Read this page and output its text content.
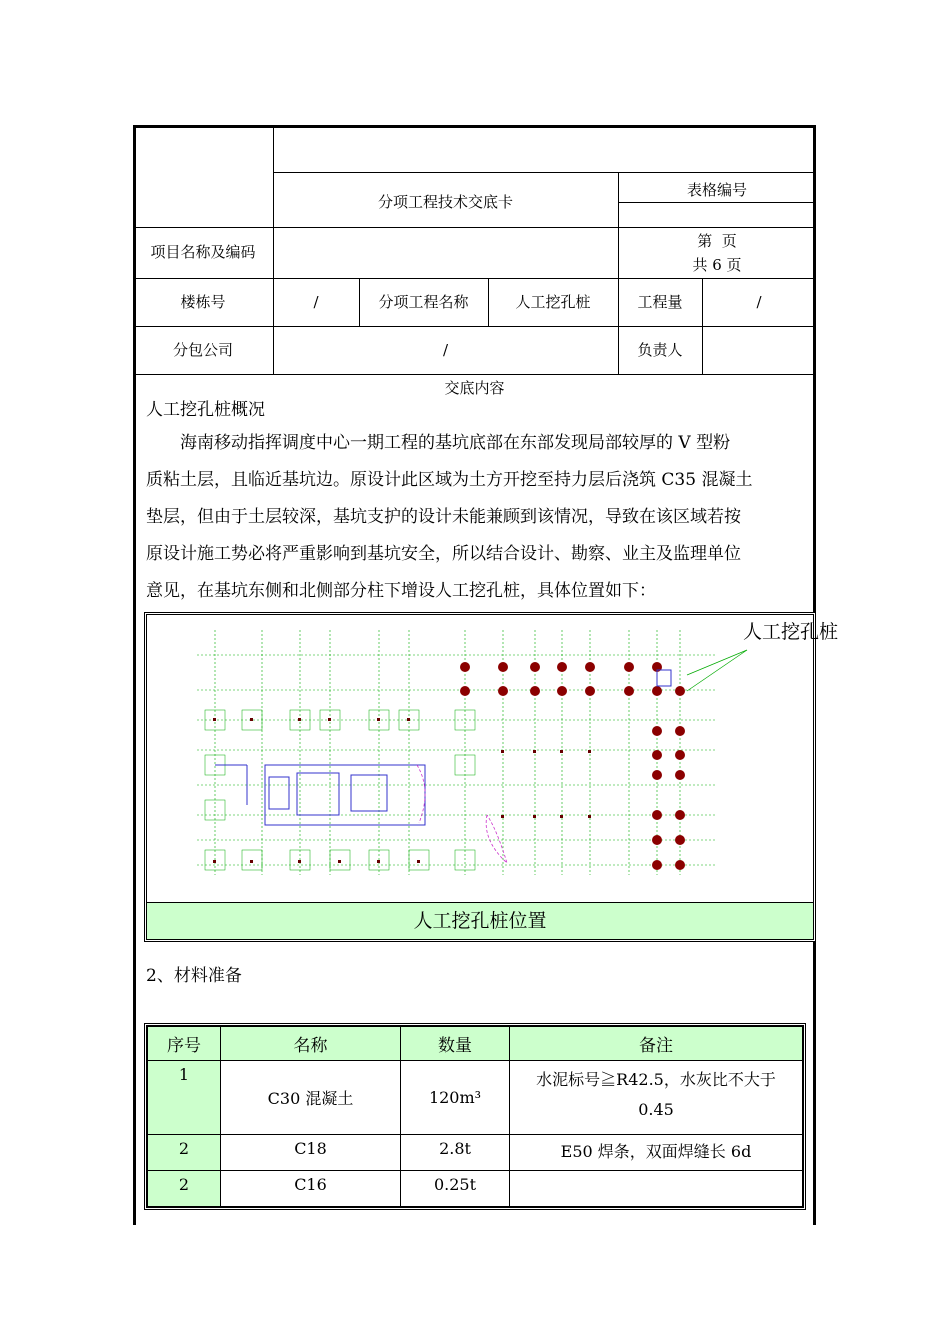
分项工程技术交底卡
表格编号
项目名称及编码
第  页
共 6 页
楼栋号	/	分项工程名称	人工挖孔桩	工程量	/
分包公司	/	负责人
交底内容
人工挖孔桩概况
海南移动指挥调度中心一期工程的基坑底部在东部发现局部较厚的 V 型粉
质粘土层，且临近基坑边。原设计此区域为土方开挖至持力层后浇筑 C35 混凝土
垫层，但由于土层较深，基坑支护的设计未能兼顾到该情况，导致在该区域若按
原设计施工势必将严重影响到基坑安全，所以结合设计、勘察、业主及监理单位
意见，在基坑东侧和北侧部分柱下增设人工挖孔桩，具体位置如下：
人工挖孔桩
人工挖孔桩位置
2、材料准备
序号	名称	数量	备注
1	C30 混凝土	120m³	水泥标号≧R42.5，水灰比不大于
0.45

2	C18	2.8t	E50 焊条，双面焊缝长 6d
2	C16	0.25t	
